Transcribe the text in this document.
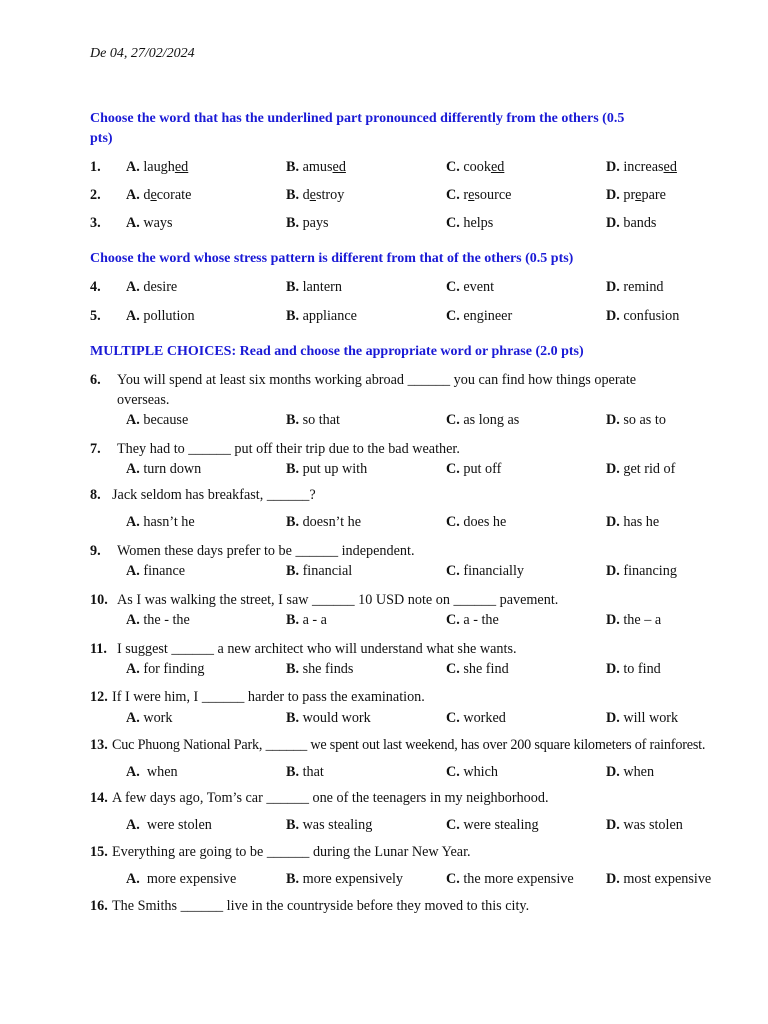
De 04, 27/02/2024
Choose the word that has the underlined part pronounced differently from the others (0.5
pts)
1. A. laughed	B. amused	C. cooked	D. increased
2. A. decorate	B. destroy	C. resource	D. prepare
3. A. ways	B. pays	C. helps	D. bands
Choose the word whose stress pattern is different from that of the others (0.5 pts)
4. A. desire	B. lantern	C. event	D. remind
5. A. pollution	B. appliance	C. engineer	D. confusion
MULTIPLE CHOICES: Read and choose the appropriate word or phrase (2.0 pts)
6. You will spend at least six months working abroad ______ you can find how things operate
overseas.
A. because	B. so that	C. as long as	D. so as to
7. They had to ______ put off their trip due to the bad weather.
A. turn down	B. put up with	C. put off	D. get rid of
8. Jack seldom has breakfast, ______?
A. hasn’t he	B. doesn’t he	C. does he	D. has he
9. Women these days prefer to be ______ independent.
A. finance	B. financial	C. financially	D. financing
10. As I was walking the street, I saw ______ 10 USD note on ______ pavement.
A. the - the	B. a - a	C. a - the	D. the – a
11. I suggest ______ a new architect who will understand what she wants.
A. for finding	B. she finds	C. she find	D. to find
12. If I were him, I ______ harder to pass the examination.
A. work	B. would work	C. worked	D. will work
13. Cuc Phuong National Park, ______ we spent out last weekend, has over 200 square kilometers of rainforest.
A. when	B. that	C. which	D. when
14. A few days ago, Tom’s car ______ one of the teenagers in my neighborhood.
A. were stolen	B. was stealing	C. were stealing	D. was stolen
15. Everything are going to be ______ during the Lunar New Year.
A. more expensive	B. more expensively	C. the more expensive D. most expensive
16. The Smiths ______ live in the countryside before they moved to this city.
